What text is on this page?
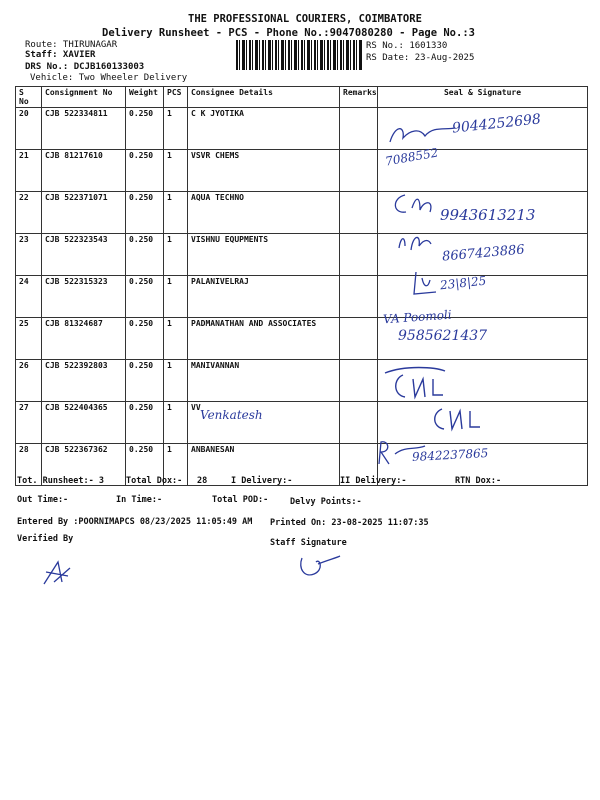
THE PROFESSIONAL COURIERS, COIMBATORE
Delivery Runsheet - PCS - Phone No.:9047080280 - Page No.:3
Route: THIRUNAGAR
Staff: XAVIER
DRS No.: DCJB160133003
Vehicle: Two Wheeler Delivery
RS No.: 1601330
RS Date: 23-Aug-2025
S No	Consignment No	Weight	PCS	Consignee Details	Remarks	Seal & Signature
20	CJB 522334811	0.250	1	C K JYOTIKA		
21	CJB 81217610	0.250	1	VSVR CHEMS		
22	CJB 522371071	0.250	1	AQUA TECHNO		
23	CJB 522323543	0.250	1	VISHNU EQUPMENTS		
24	CJB 522315323	0.250	1	PALANIVELRAJ		
25	CJB 81324687	0.250	1	PADMANATHAN AND ASSOCIATES		
26	CJB 522392803	0.250	1	MANIVANNAN		
27	CJB 522404365	0.250	1	VV		
28	CJB 522367362	0.250	1	ANBANESAN		
9044252698
7088552
9943613213
8667423886
23|8|25
VA Poomoli
9585621437
Venkatesh
9842237865
Tot. Runsheet:- 3	Total Dox:- 28	I Delivery:-	II Delivery:-	RTN Dox:-
Out Time:-	In Time:-	Total POD:-	Delvy Points:-
Entered By :POORNIMAPCS 08/23/2025 11:05:49 AM Printed On: 23-08-2025 11:07:35
Verified By	Staff Signature
